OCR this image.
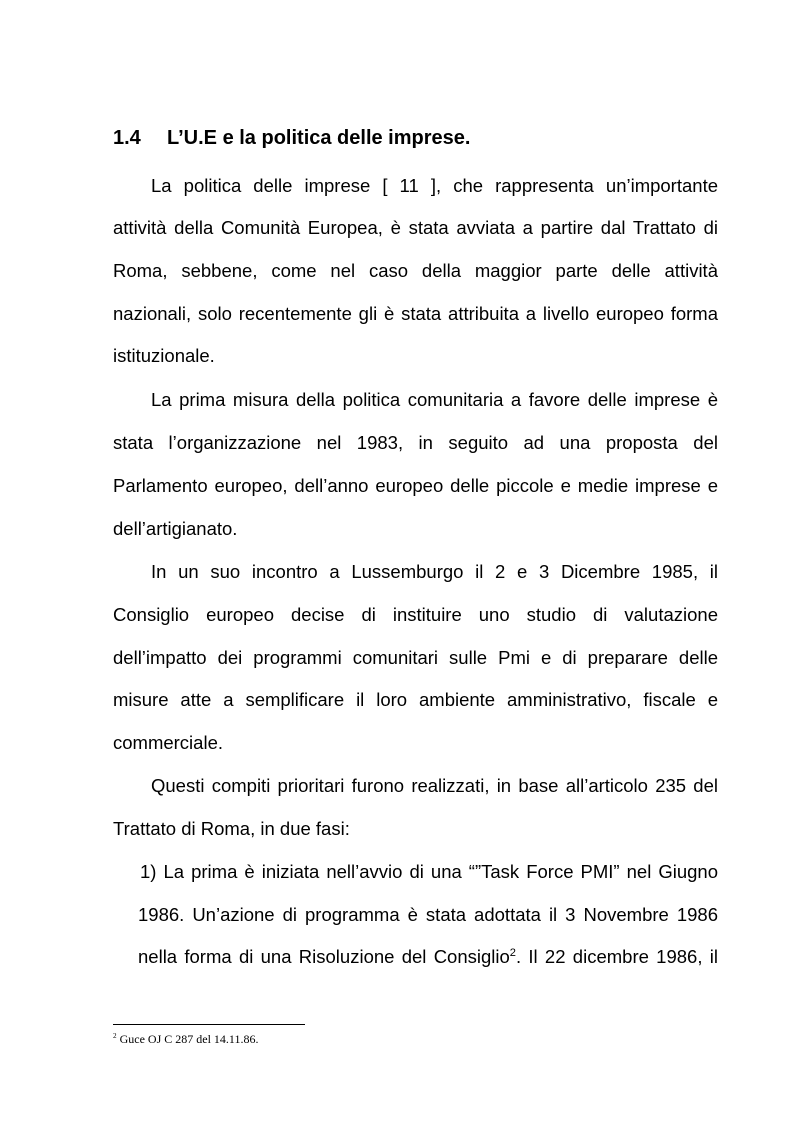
1.4 L’U.E e la politica delle imprese.
La politica delle imprese [ 11 ], che rappresenta un’importante
attività della Comunità Europea, è stata avviata a partire dal Trattato di
Roma, sebbene, come nel caso della maggior parte delle attività
nazionali, solo recentemente gli è stata attribuita a livello europeo forma
istituzionale.
La prima misura della politica comunitaria a favore delle imprese è
stata l’organizzazione nel 1983, in seguito ad una proposta del
Parlamento europeo, dell’anno europeo delle piccole e medie imprese e
dell’artigianato.
In un suo incontro a Lussemburgo il 2 e 3 Dicembre 1985, il
Consiglio europeo decise di instituire uno studio di valutazione
dell’impatto dei programmi comunitari sulle Pmi e di preparare delle
misure atte a semplificare il loro ambiente amministrativo, fiscale e
commerciale.
Questi compiti prioritari furono realizzati, in base all’articolo 235 del
Trattato di Roma, in due fasi:
1) La prima è iniziata nell’avvio di una “”Task Force PMI” nel Giugno
1986. Un’azione di programma è stata adottata il 3 Novembre 1986
nella forma di una Risoluzione del Consiglio$^2$. Il 22 dicembre 1986, il
$^2$ Guce OJ C 287 del 14.11.86.
